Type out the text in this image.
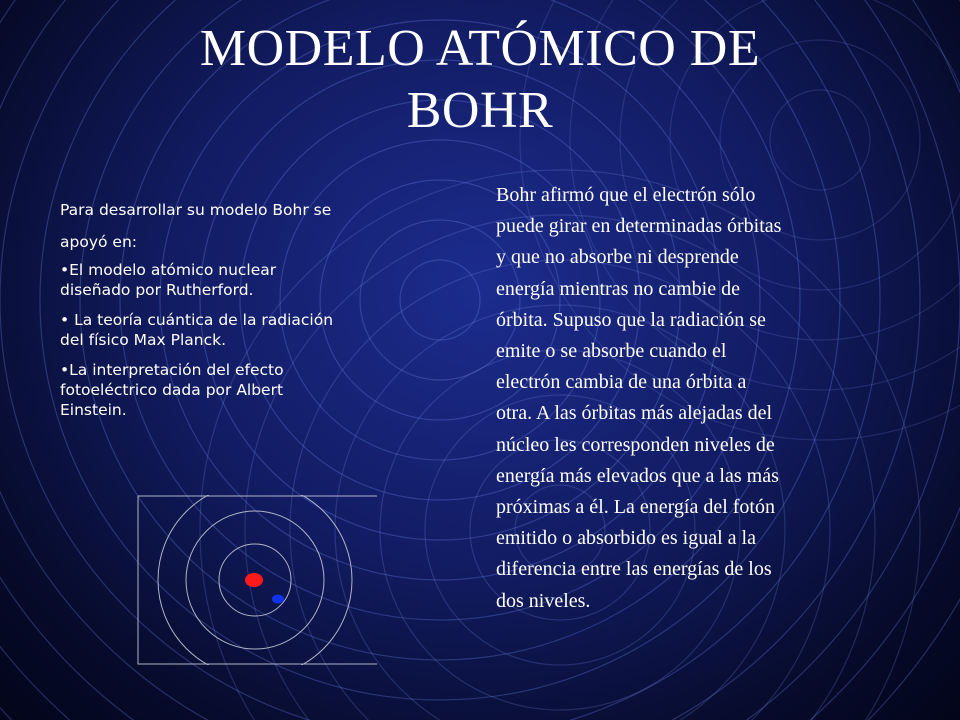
MODELO ATÓMICO DE
BOHR
Para desarrollar su modelo Bohr se
apoyó en:
•El modelo atómico nuclear
diseñado por Rutherford.
• La teoría cuántica de la radiación
del físico Max Planck.
•La interpretación del efecto
fotoeléctrico dada por Albert
Einstein.
Bohr afirmó que el electrón sólo
puede girar en determinadas órbitas
y que no absorbe ni desprende
energía mientras no cambie de
órbita. Supuso que la radiación se
emite o se absorbe cuando el
electrón cambia de una órbita a
otra. A las órbitas más alejadas del
núcleo les corresponden niveles de
energía más elevados que a las más
próximas a él. La energía del fotón
emitido o absorbido es igual a la
diferencia entre las energías de los
dos niveles.
